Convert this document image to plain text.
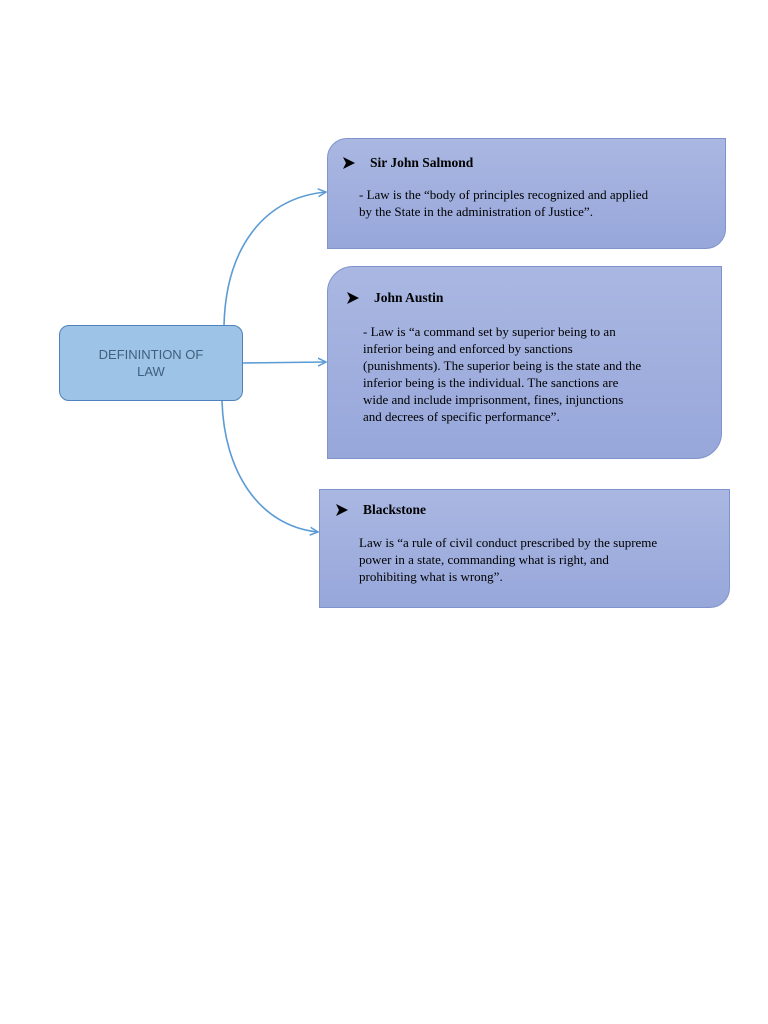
DEFININTION OF
LAW
Sir John Salmond
- Law is the “body of principles recognized and applied
by the State in the administration of Justice”.
John Austin
- Law is “a command set by superior being to an
inferior being and enforced by sanctions
(punishments). The superior being is the state and the
inferior being is the individual. The sanctions are
wide and include imprisonment, fines, injunctions
and decrees of specific performance”.
Blackstone
Law is “a rule of civil conduct prescribed by the supreme
power in a state, commanding what is right, and
prohibiting what is wrong”.
